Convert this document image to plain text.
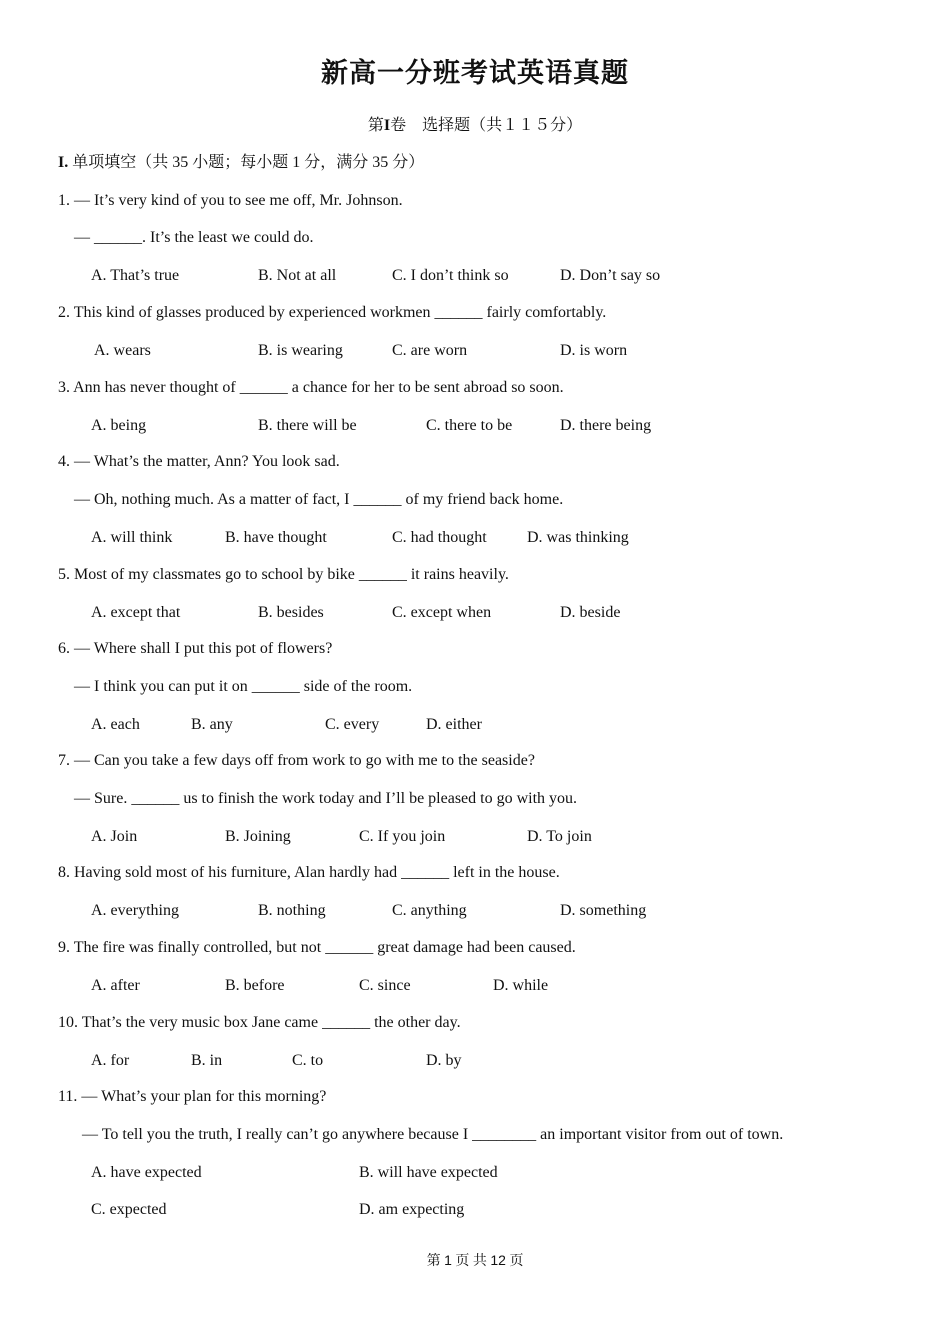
新高一分班考试英语真题
第I卷　选择题（共１１５分）
I. 单项填空（共 35 小题；每小题 1 分，满分 35 分）
1. — It’s very kind of you to see me off, Mr. Johnson.
— ______. It’s the least we could do.
A. That’s true	B. Not at all	C. I don’t think so	D. Don’t say so
2. This kind of glasses produced by experienced workmen ______ fairly comfortably.
A. wears	B. is wearing	C. are worn	D. is worn
3. Ann has never thought of ______ a chance for her to be sent abroad so soon.
A. being	B. there will be	C. there to be	D. there being
4. — What’s the matter, Ann? You look sad.
— Oh, nothing much. As a matter of fact, I ______ of my friend back home.
A. will think	B. have thought	C. had thought	D. was thinking
5. Most of my classmates go to school by bike ______ it rains heavily.
A. except that	B. besides	C. except when	D. beside
6. — Where shall I put this pot of flowers?
— I think you can put it on ______ side of the room.
A. each	B. any	C. every	D. either
7. — Can you take a few days off from work to go with me to the seaside?
— Sure. ______ us to finish the work today and I’ll be pleased to go with you.
A. Join	B. Joining	C. If you join	D. To join
8. Having sold most of his furniture, Alan hardly had ______ left in the house.
A. everything	B. nothing	C. anything	D. something
9. The fire was finally controlled, but not ______ great damage had been caused.
A. after	B. before	C. since	D. while
10. That’s the very music box Jane came ______ the other day.
A. for	B. in	C. to	D. by
11. — What’s your plan for this morning?
— To tell you the truth, I really can’t go anywhere because I ________ an important visitor from out of town.
A. have expected	B. will have expected
C. expected	D. am expecting
第 1 页 共 12 页
